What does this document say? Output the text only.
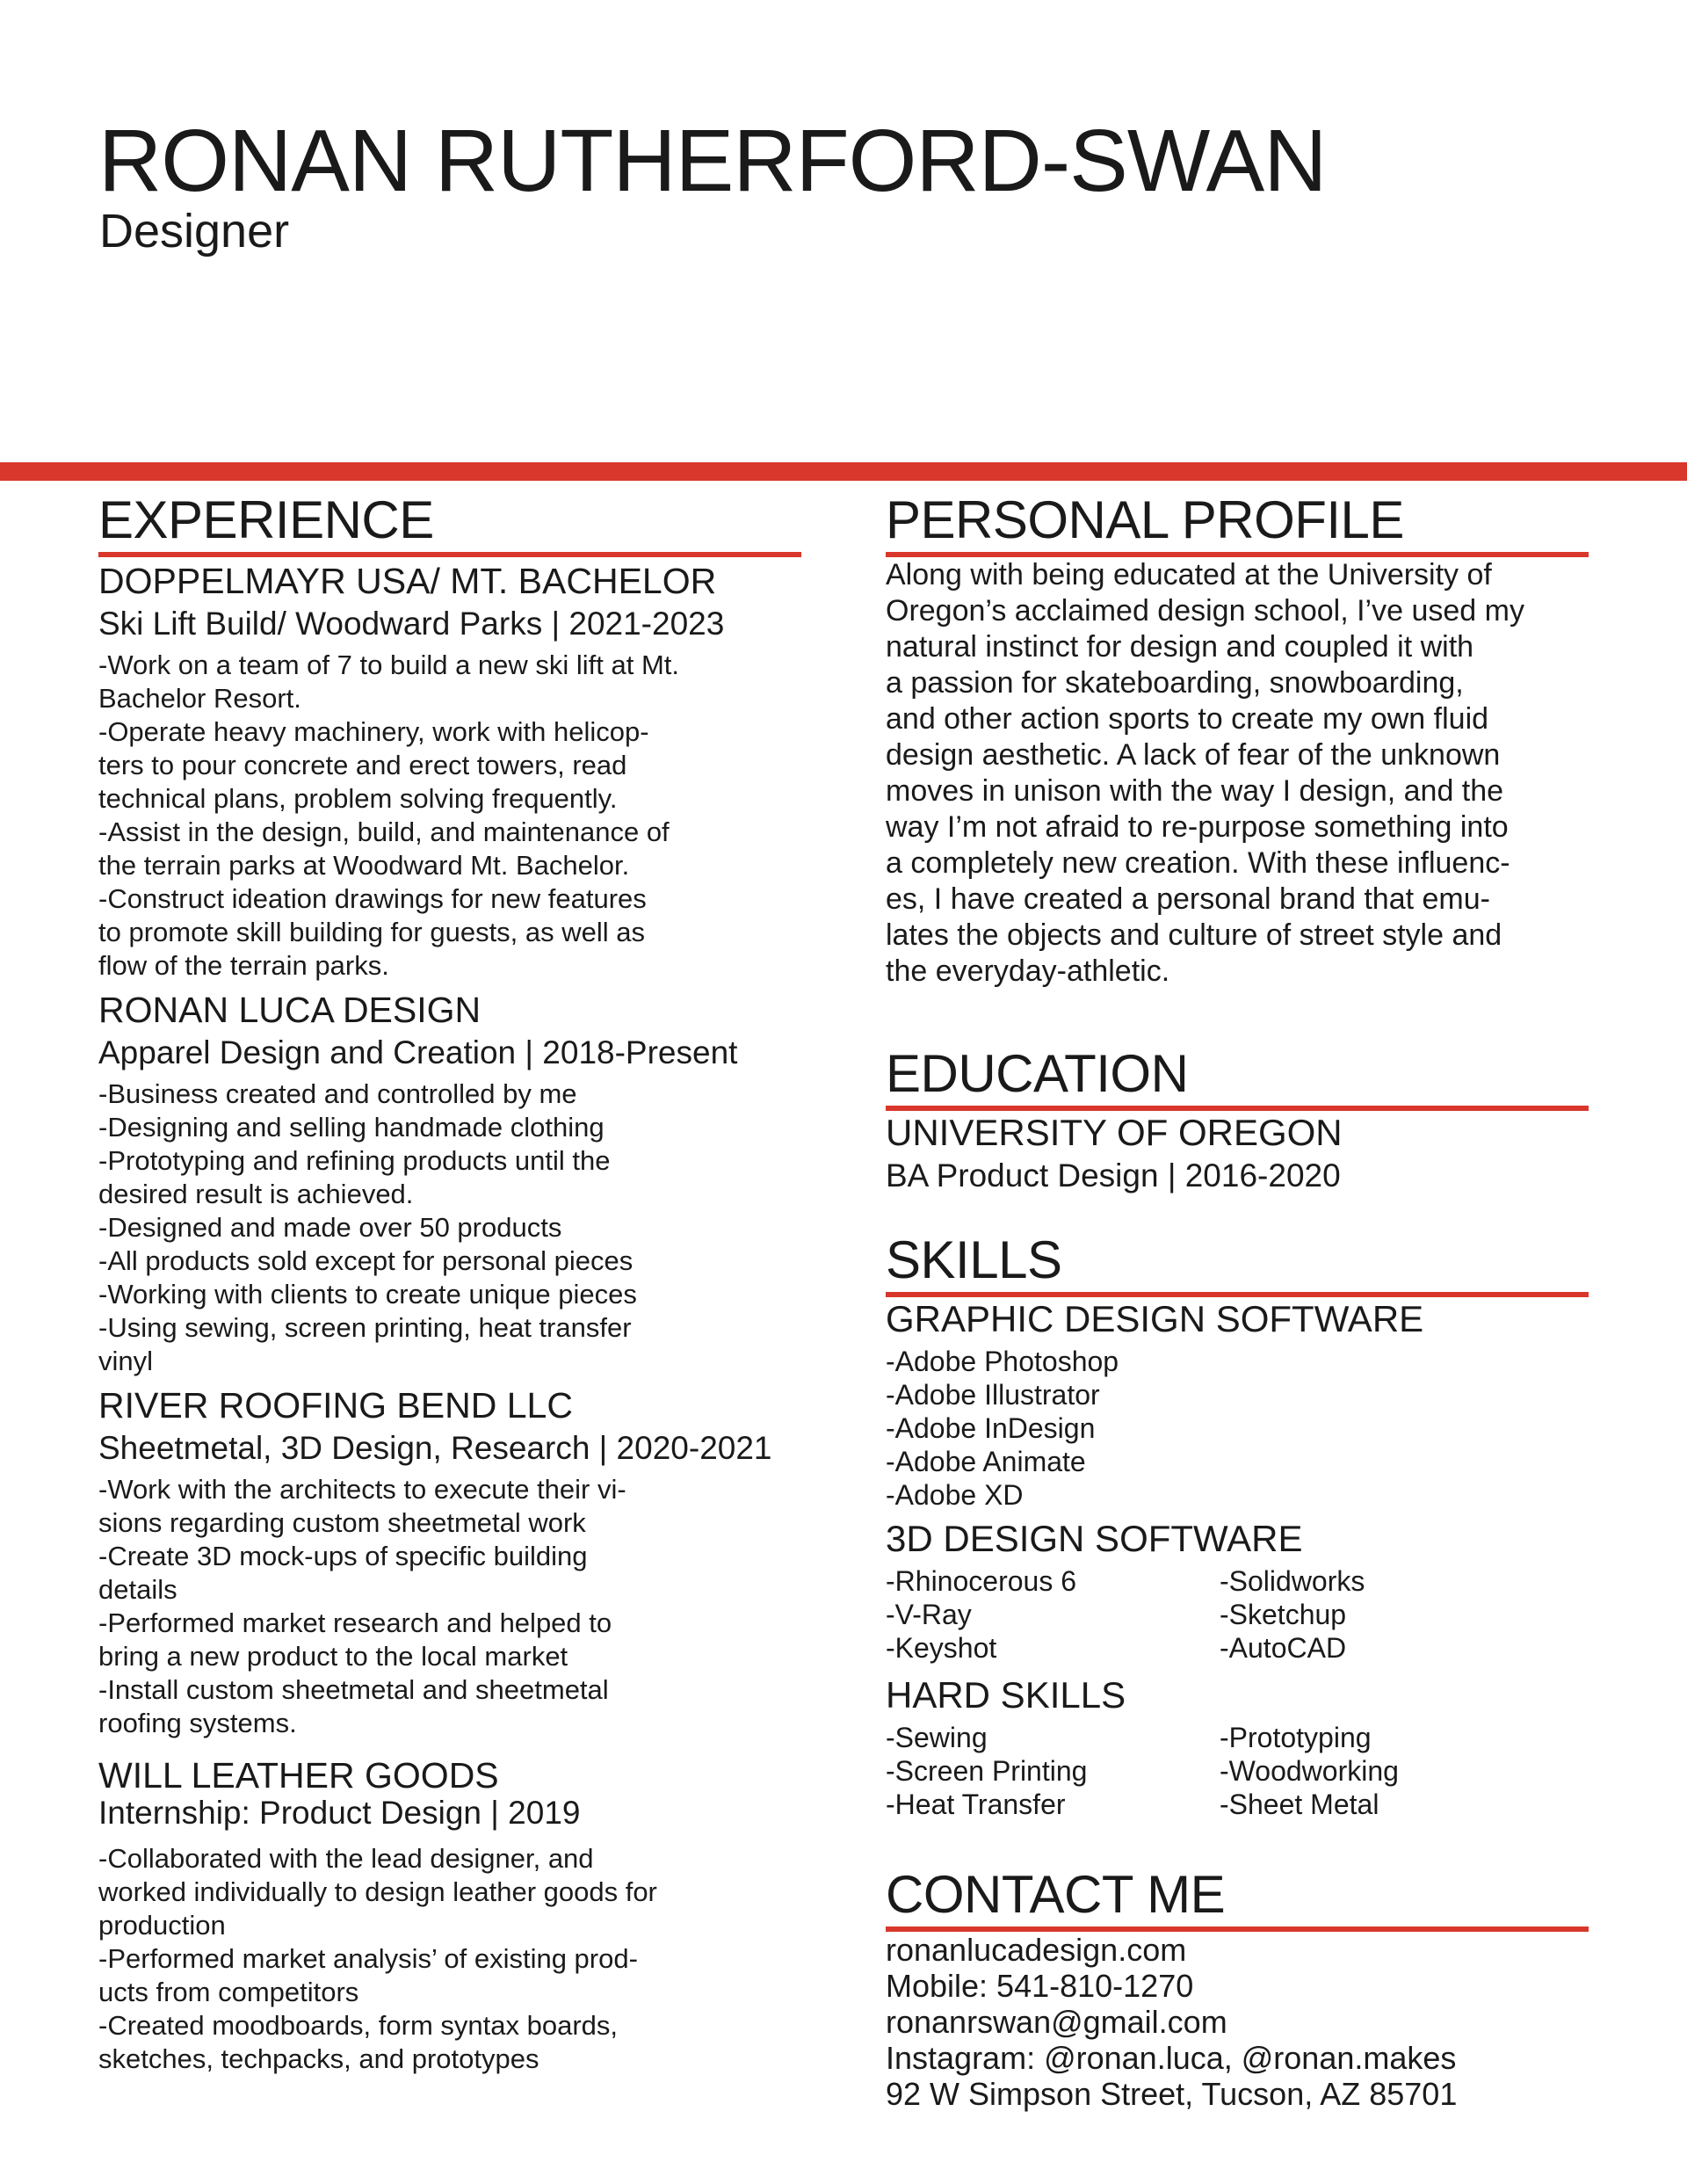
RONAN RUTHERFORD-SWAN
Designer
EXPERIENCE
DOPPELMAYR USA/ MT. BACHELOR
Ski Lift Build/ Woodward Parks | 2021-2023
-Work on a team of 7 to build a new ski lift at Mt.
Bachelor Resort.
-Operate heavy machinery, work with helicop-
ters to pour concrete and erect towers, read
technical plans, problem solving frequently.
-Assist in the design, build, and maintenance of
the terrain parks at Woodward Mt. Bachelor.
-Construct ideation drawings for new features
to promote skill building for guests, as well as
flow of the terrain parks.
RONAN LUCA DESIGN
Apparel Design and Creation | 2018-Present
-Business created and controlled by me
-Designing and selling handmade clothing
-Prototyping and refining products until the
desired result is achieved.
-Designed and made over 50 products
-All products sold except for personal pieces
-Working with clients to create unique pieces
-Using sewing, screen printing, heat transfer
vinyl
RIVER ROOFING BEND LLC
Sheetmetal, 3D Design, Research | 2020-2021
-Work with the architects to execute their vi-
sions regarding custom sheetmetal work
-Create 3D mock-ups of specific building
details
-Performed market research and helped to
bring a new product to the local market
-Install custom sheetmetal and sheetmetal
roofing systems.
WILL LEATHER GOODS
Internship: Product Design | 2019
-Collaborated with the lead designer, and
worked individually to design leather goods for
production
-Performed market analysis’ of existing prod-
ucts from competitors
-Created moodboards, form syntax boards,
sketches, techpacks, and prototypes
PERSONAL PROFILE
Along with being educated at the University of
Oregon’s acclaimed design school, I’ve used my
natural instinct for design and coupled it with
a passion for skateboarding, snowboarding,
and other action sports to create my own fluid
design aesthetic. A lack of fear of the unknown
moves in unison with the way I design, and the
way I’m not afraid to re-purpose something into
a completely new creation. With these influenc-
es, I have created a personal brand that emu-
lates the objects and culture of street style and
the everyday-athletic.
EDUCATION
UNIVERSITY OF OREGON
BA Product Design | 2016-2020
SKILLS
GRAPHIC DESIGN SOFTWARE
-Adobe Photoshop
-Adobe Illustrator
-Adobe InDesign
-Adobe Animate
-Adobe XD
3D DESIGN SOFTWARE
-Rhinocerous 6
-V-Ray
-Keyshot
-Solidworks
-Sketchup
-AutoCAD
HARD SKILLS
-Sewing
-Screen Printing
-Heat Transfer
-Prototyping
-Woodworking
-Sheet Metal
CONTACT ME
ronanlucadesign.com
Mobile: 541-810-1270
ronanrswan@gmail.com
Instagram: @ronan.luca, @ronan.makes
92 W Simpson Street, Tucson, AZ 85701
